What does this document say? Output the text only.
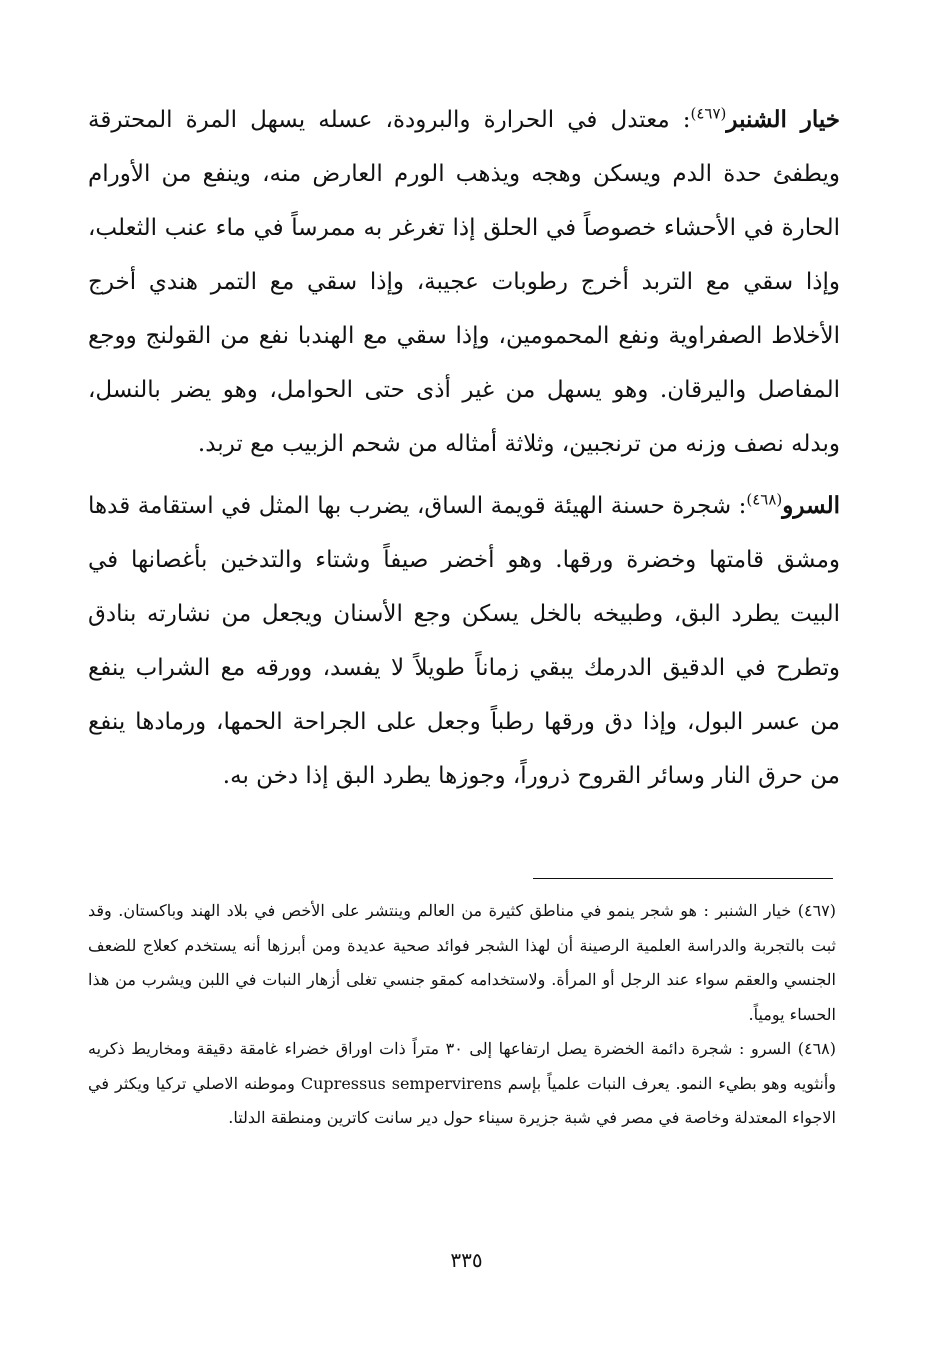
خيار الشنبر$^{(٤٦٧)}$: معتدل في الحرارة والبرودة، عسله يسهل المرة المحترقة ويطفئ حدة الدم ويسكن وهجه ويذهب الورم العارض منه، وينفع من الأورام الحارة في الأحشاء خصوصاً في الحلق إذا تغرغر به ممرساً في ماء عنب الثعلب، وإذا سقي مع التربد أخرج رطوبات عجيبة، وإذا سقي مع التمر هندي أخرج الأخلاط الصفراوية ونفع المحمومين، وإذا سقي مع الهندبا نفع من القولنج ووجع المفاصل واليرقان. وهو يسهل من غير أذى حتى الحوامل، وهو يضر بالنسل، وبدله نصف وزنه من ترنجبين، وثلاثة أمثاله من شحم الزبيب مع تربد.

السرو$^{(٤٦٨)}$: شجرة حسنة الهيئة قويمة الساق، يضرب بها المثل في استقامة قدها ومشق قامتها وخضرة ورقها. وهو أخضر صيفاً وشتاء والتدخين بأغصانها في البيت يطرد البق، وطبيخه بالخل يسكن وجع الأسنان ويجعل من نشارته بنادق وتطرح في الدقيق الدرمك يبقي زماناً طويلاً لا يفسد، وورقه مع الشراب ينفع من عسر البول، وإذا دق ورقها رطباً وجعل على الجراحة الحمها، ورمادها ينفع من حرق النار وسائر القروح ذروراً، وجوزها يطرد البق إذا دخن به.

(٤٦٧) خيار الشنبر : هو شجر ينمو في مناطق كثيرة من العالم وينتشر على الأخص في بلاد الهند وباكستان. وقد ثبت بالتجربة والدراسة العلمية الرصينة أن لهذا الشجر فوائد صحية عديدة ومن أبرزها أنه يستخدم كعلاج للضعف الجنسي والعقم سواء عند الرجل أو المرأة. ولاستخدامه كمقو جنسي تغلى أزهار النبات في اللبن ويشرب من هذا الحساء يومياً.

(٤٦٨) السرو : شجرة دائمة الخضرة يصل ارتفاعها إلى ٣٠ متراً ذات اوراق خضراء غامقة دقيقة ومخاريط ذكريه وأنثويه وهو بطيء النمو. يعرف النبات علمياً بإسم Cupressus sempervirens وموطنه الاصلي تركيا ويكثر في الاجواء المعتدلة وخاصة في مصر في شبة جزيرة سيناء حول دير سانت كاترين ومنطقة الدلتا.

٣٣٥
